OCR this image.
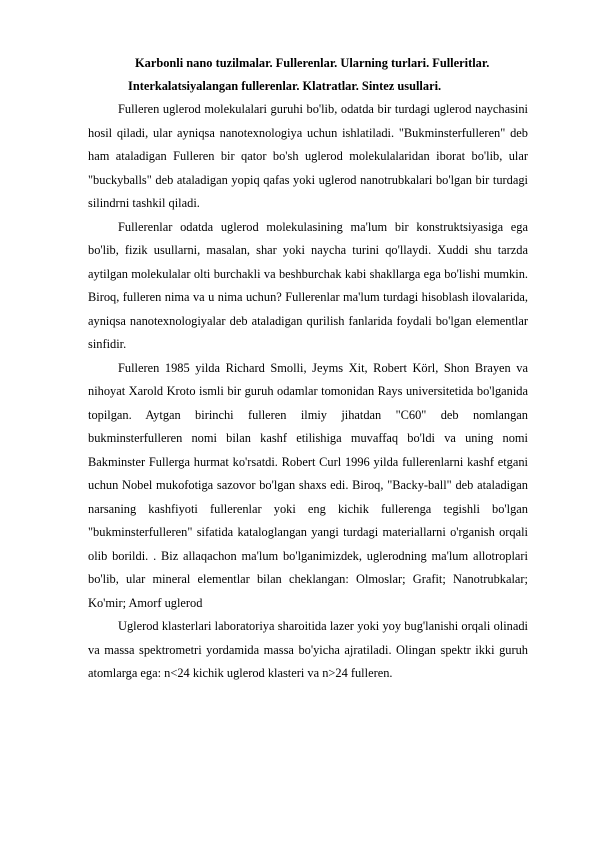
Karbonli nano tuzilmalar. Fullerenlar. Ularning turlari. Fulleritlar.
Interkalatsiyalangan fullerenlar. Klatratlar. Sintez usullari.

Fulleren uglerod molekulalari guruhi bo'lib, odatda bir turdagi uglerod naychasini hosil qiladi, ular ayniqsa nanotexnologiya uchun ishlatiladi. "Bukminsterfulleren" deb ham ataladigan Fulleren bir qator bo'sh uglerod molekulalaridan iborat bo'lib, ular "buckyballs" deb ataladigan yopiq qafas yoki uglerod nanotrubkalari bo'lgan bir turdagi silindrni tashkil qiladi.

Fullerenlar odatda uglerod molekulasining ma'lum bir konstruktsiyasiga ega bo'lib, fizik usullarni, masalan, shar yoki naycha turini qo'llaydi. Xuddi shu tarzda aytilgan molekulalar olti burchakli va beshburchak kabi shakllarga ega bo'lishi mumkin. Biroq, fulleren nima va u nima uchun? Fullerenlar ma'lum turdagi hisoblash ilovalarida, ayniqsa nanotexnologiyalar deb ataladigan qurilish fanlarida foydali bo'lgan elementlar sinfidir.

Fulleren 1985 yilda Richard Smolli, Jeyms Xit, Robert Körl, Shon Brayen va nihoyat Xarold Kroto ismli bir guruh odamlar tomonidan Rays universitetida bo'lganida topilgan. Aytgan birinchi fulleren ilmiy jihatdan "C60" deb nomlangan bukminsterfulleren nomi bilan kashf etilishiga muvaffaq bo'ldi va uning nomi Bakminster Fullerga hurmat ko'rsatdi. Robert Curl 1996 yilda fullerenlarni kashf etgani uchun Nobel mukofotiga sazovor bo'lgan shaxs edi. Biroq, "Backy-ball" deb ataladigan narsaning kashfiyoti fullerenlar yoki eng kichik fullerenga tegishli bo'lgan "bukminsterfulleren" sifatida kataloglangan yangi turdagi materiallarni o'rganish orqali olib borildi. . Biz allaqachon ma'lum bo'lganimizdek, uglerodning ma'lum allotroplari bo'lib, ular mineral elementlar bilan cheklangan: Olmoslar; Grafit; Nanotrubkalar; Ko'mir; Amorf uglerod

Uglerod klasterlari laboratoriya sharoitida lazer yoki yoy bug'lanishi orqali olinadi va massa spektrometri yordamida massa bo'yicha ajratiladi. Olingan spektr ikki guruh atomlarga ega: n<24 kichik uglerod klasteri va n>24 fulleren.
